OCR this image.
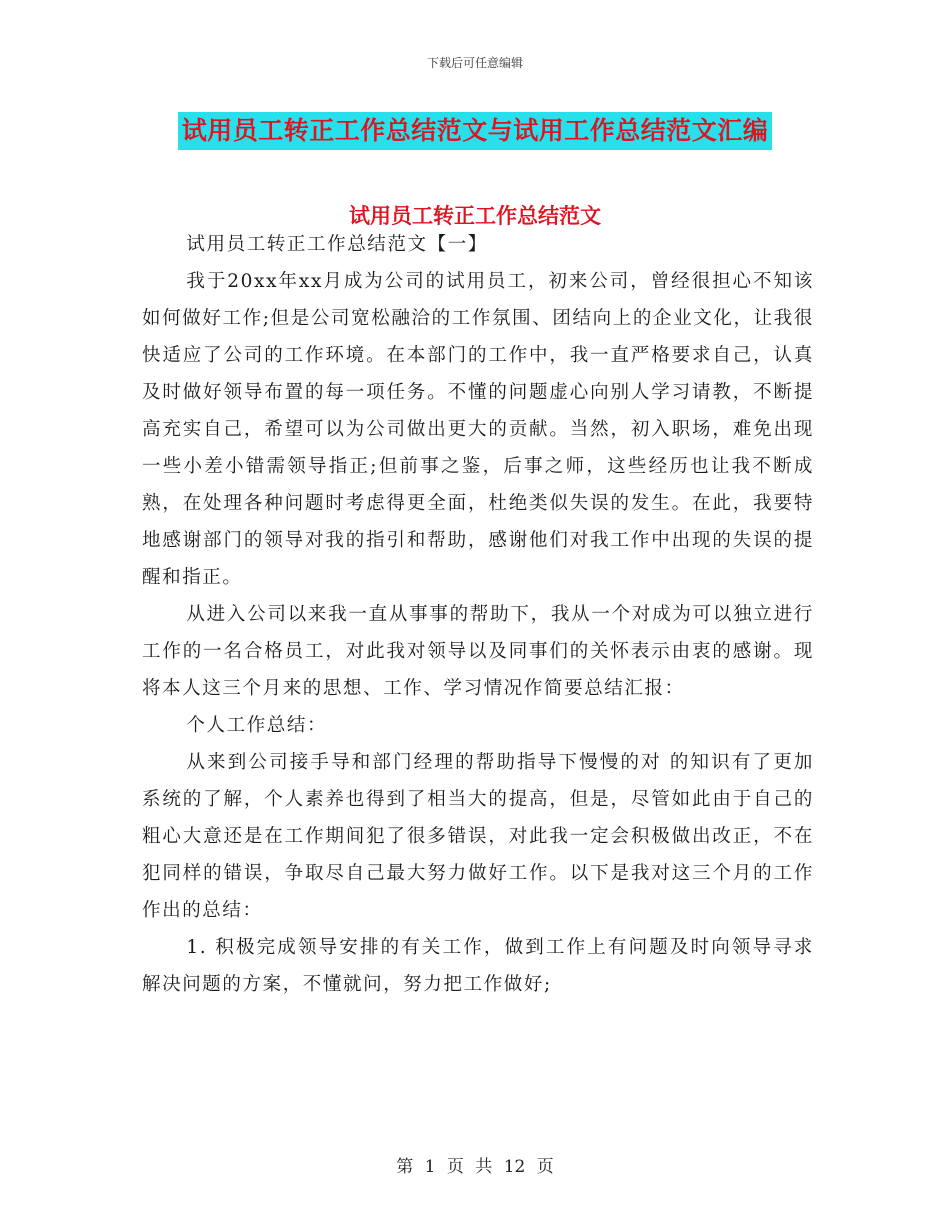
下载后可任意编辑
试用员工转正工作总结范文与试用工作总结范文汇编
试用员工转正工作总结范文

试用员工转正工作总结范文【一】

我于20xx年xx月成为公司的试用员工，初来公司，曾经很担心不知该如何做好工作;但是公司宽松融洽的工作氛围、团结向上的企业文化，让我很快适应了公司的工作环境。在本部门的工作中，我一直严格要求自己，认真及时做好领导布置的每一项任务。不懂的问题虚心向别人学习请教，不断提高充实自己，希望可以为公司做出更大的贡献。当然，初入职场，难免出现一些小差小错需领导指正;但前事之鉴，后事之师，这些经历也让我不断成熟，在处理各种问题时考虑得更全面，杜绝类似失误的发生。在此，我要特地感谢部门的领导对我的指引和帮助，感谢他们对我工作中出现的失误的提醒和指正。

从进入公司以来我一直从事事的帮助下，我从一个对成为可以独立进行 工作的一名合格员工，对此我对领导以及同事们的关怀表示由衷的感谢。现将本人这三个月来的思想、工作、学习情况作简要总结汇报：

个人工作总结：

从来到公司接手导和部门经理的帮助指导下慢慢的对 的知识有了更加系统的了解，个人素养也得到了相当大的提高，但是，尽管如此由于自己的粗心大意还是在工作期间犯了很多错误，对此我一定会积极做出改正，不在犯同样的错误，争取尽自己最大努力做好工作。以下是我对这三个月的工作作出的总结：

1. 积极完成领导安排的有关工作，做到工作上有问题及时向领导寻求解决问题的方案，不懂就问，努力把工作做好;

第 1 页 共 12 页
